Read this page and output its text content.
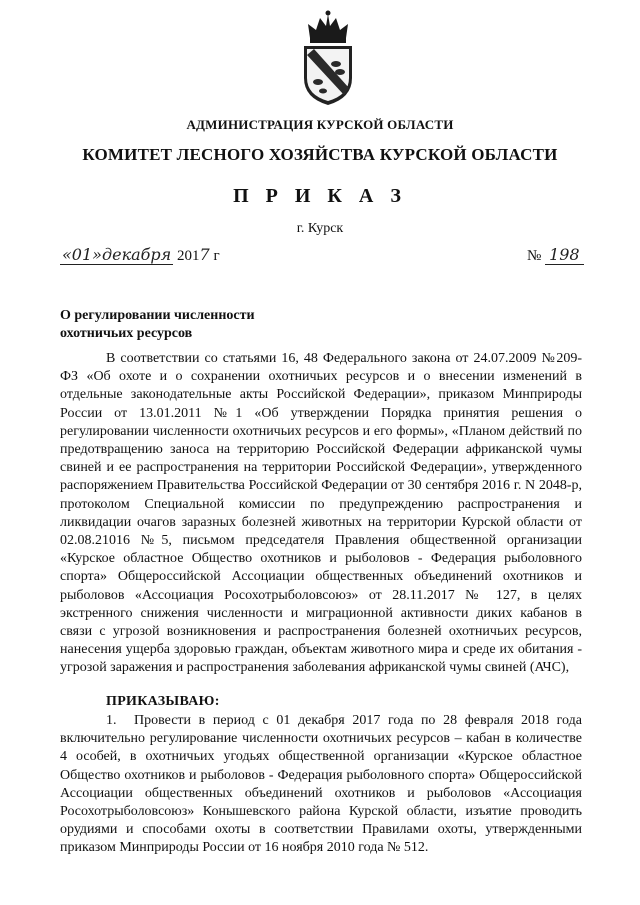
АДМИНИСТРАЦИЯ КУРСКОЙ ОБЛАСТИ
КОМИТЕТ ЛЕСНОГО ХОЗЯЙСТВА КУРСКОЙ ОБЛАСТИ
П Р И К А З
г. Курск
«01»декабря 2017 г	№ 198
О регулировании численности
охотничьих ресурсов

В соответствии со статьями 16, 48 Федерального закона от 24.07.2009 №209-ФЗ «Об охоте и о сохранении охотничьих ресурсов и о внесении изменений в отдельные законодательные акты Российской Федерации», приказом Минприроды России от 13.01.2011 №1 «Об утверждении Порядка принятия решения о регулировании численности охотничьих ресурсов и его формы», «Планом действий по предотвращению заноса на территорию Российской Федерации африканской чумы свиней и ее распространения на территории Российской Федерации», утвержденного распоряжением Правительства Российской Федерации от 30 сентября 2016 г. N 2048-р, протоколом Специальной комиссии по предупреждению распространения и ликвидации очагов заразных болезней животных на территории Курской области от 02.08.21016 №5, письмом председателя Правления общественной организации «Курское областное Общество охотников и рыболовов - Федерация рыболовного спорта» Общероссийской Ассоциации общественных объединений охотников и рыболовов «Ассоциация Росохотрыболовсоюз» от 28.11.2017 № 127, в целях экстренного снижения численности и миграционной активности диких кабанов в связи с угрозой возникновения и распространения болезней охотничьих ресурсов, нанесения ущерба здоровью граждан, объектам животного мира и среде их обитания - угрозой заражения и распространения заболевания африканской чумы свиней (АЧС),

ПРИКАЗЫВАЮ:

1. Провести в период с 01 декабря 2017 года по 28 февраля 2018 года включительно регулирование численности охотничьих ресурсов – кабан в количестве 4 особей, в охотничьих угодьях общественной организации «Курское областное Общество охотников и рыболовов - Федерация рыболовного спорта» Общероссийской Ассоциации общественных объединений охотников и рыболовов «Ассоциация Росохотрыболовсоюз» Конышевского района Курской области, изъятие проводить орудиями и способами охоты в соответствии Правилами охоты, утвержденными приказом Минприроды России от 16 ноября 2010 года № 512.
